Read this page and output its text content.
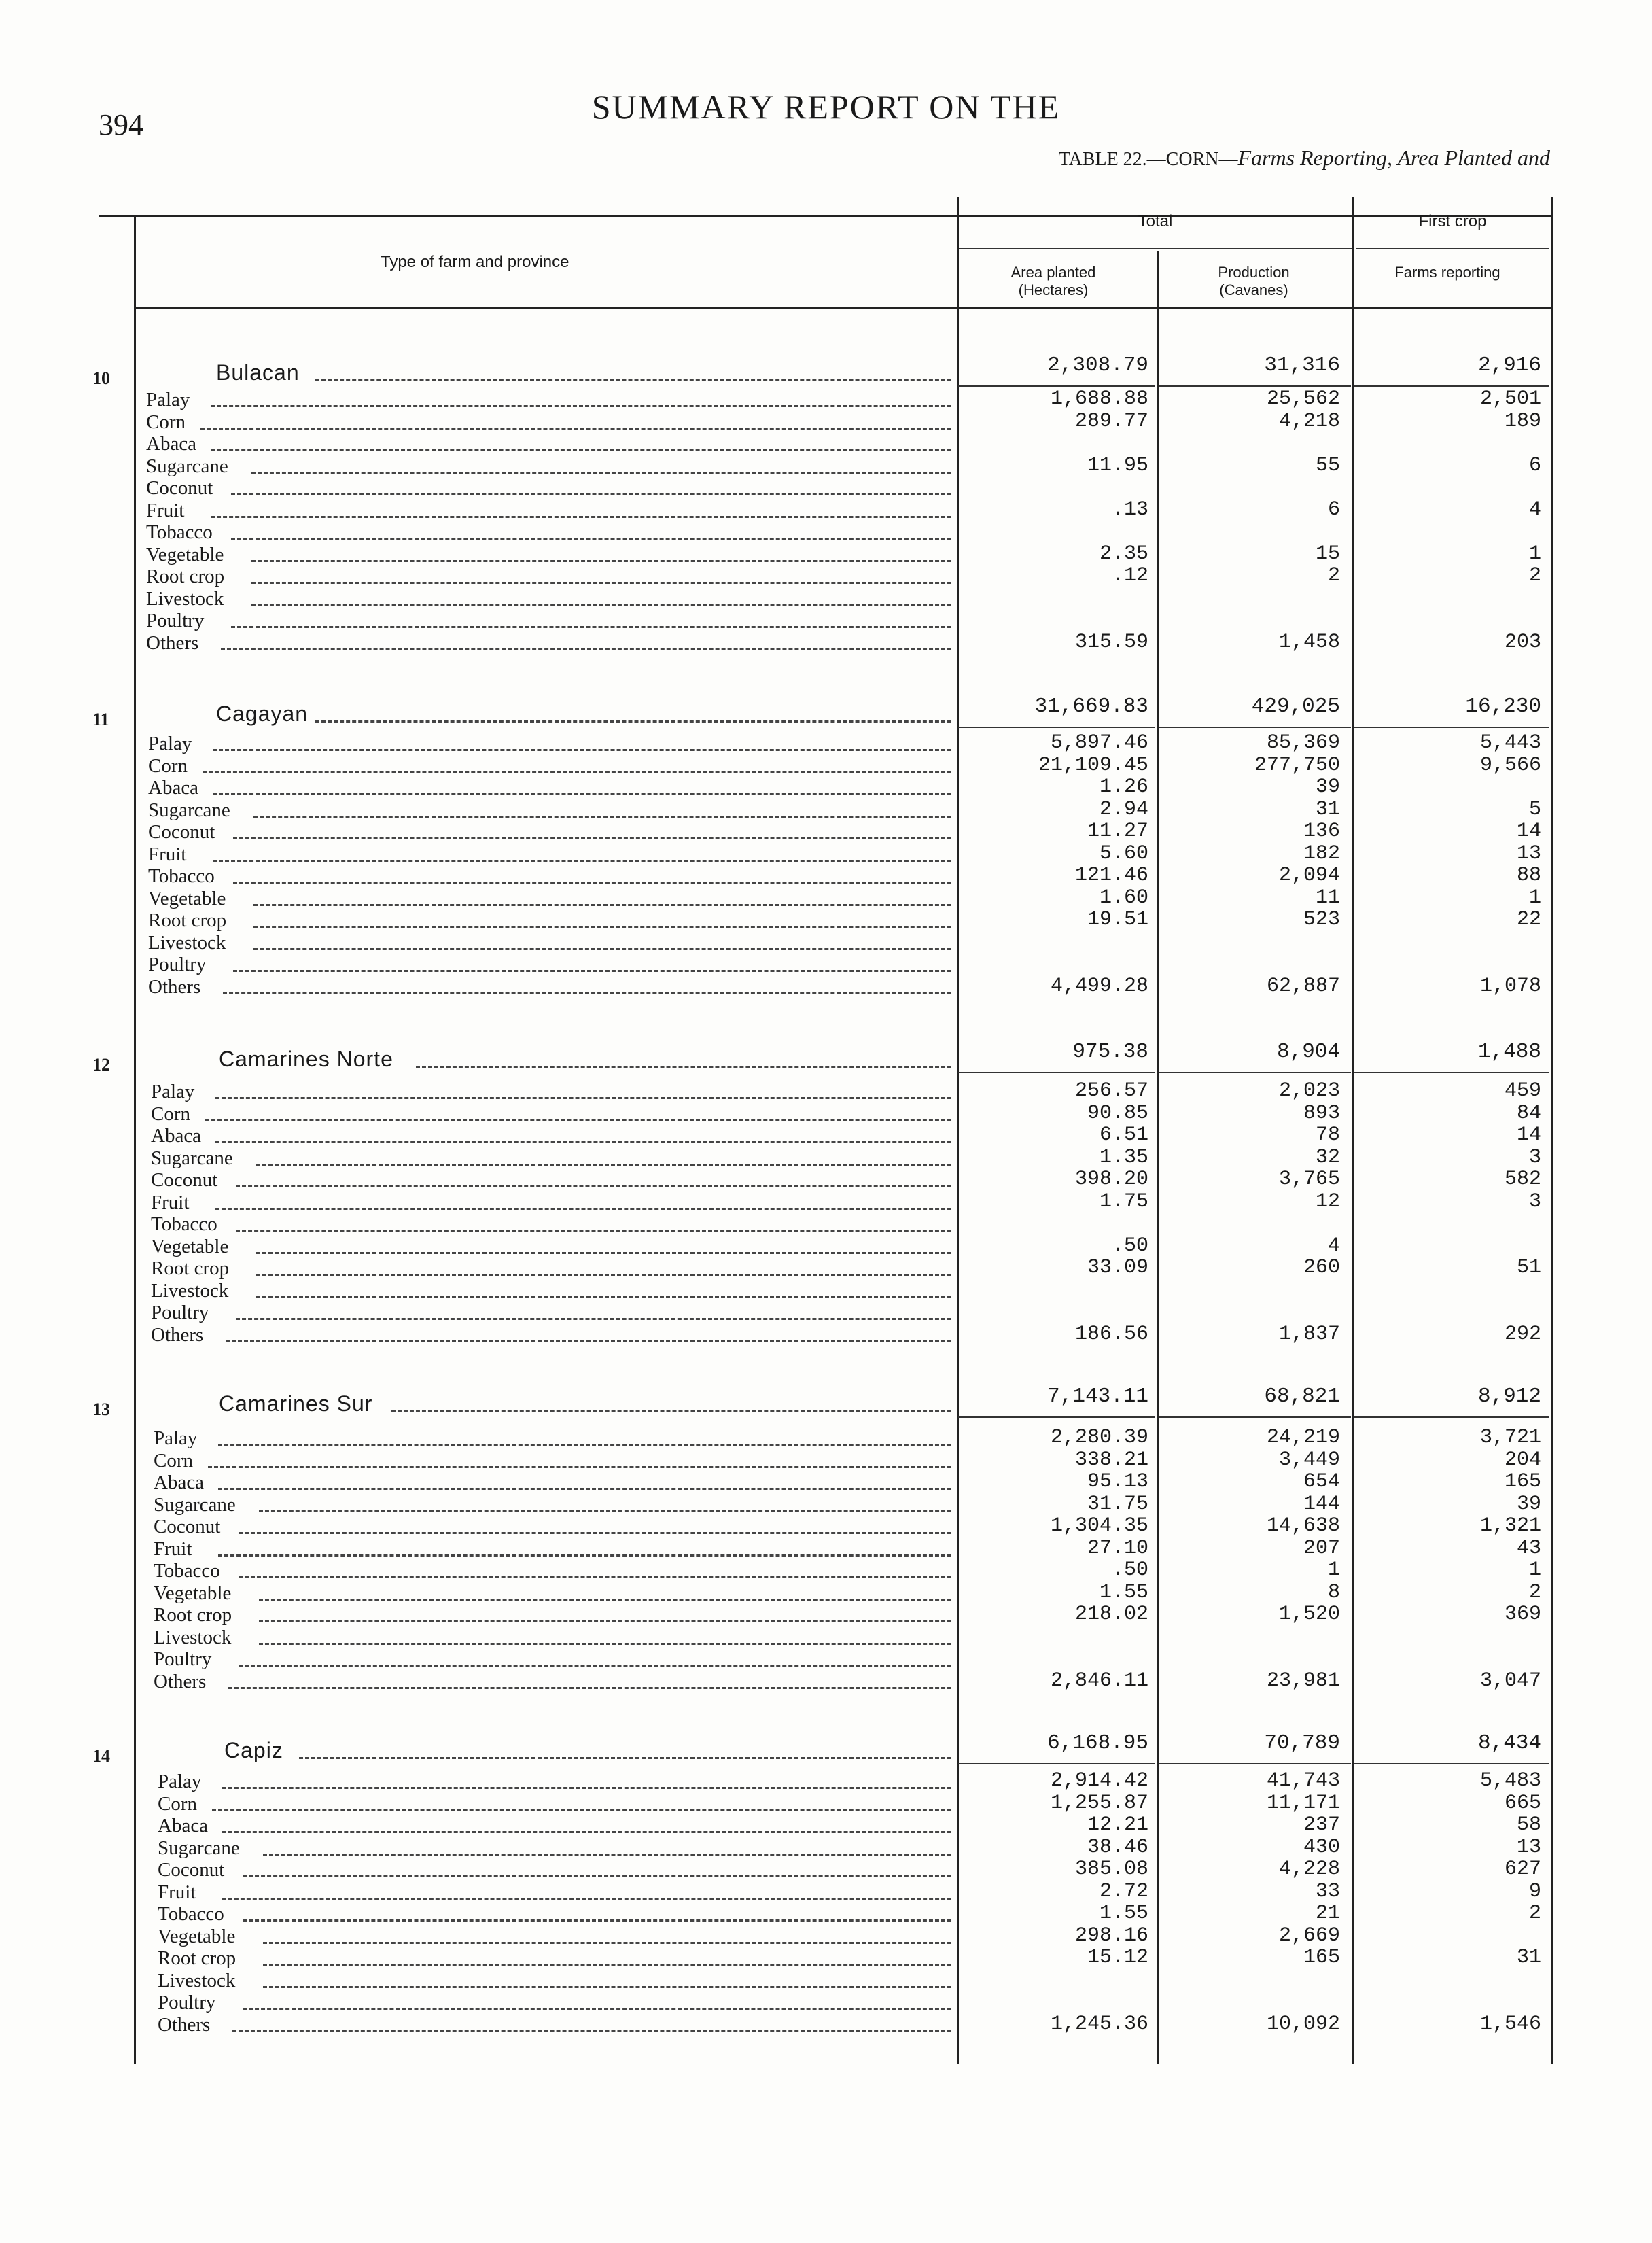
394	SUMMARY REPORT ON THE
TABLE 22.—CORN—Farms Reporting, Area Planted and
Type of farm and province
Total	First crop
Area planted (Hectares)
Production (Cavanes)
Farms reporting
10	Bulacan	2,308.79	31,316	2,916
Palay	1,688.88	25,562	2,501
Corn	289.77	4,218	189
Abaca
Sugarcane	11.95	55	6
Coconut
Fruit	.13	6	4
Tobacco
Vegetable	2.35	15	1
Root crop	.12	2	2
Livestock
Poultry
Others	315.59	1,458	203
11	Cagayan	31,669.83	429,025	16,230
Palay	5,897.46	85,369	5,443
Corn	21,109.45	277,750	9,566
Abaca	1.26	39
Sugarcane	2.94	31	5
Coconut	11.27	136	14
Fruit	5.60	182	13
Tobacco	121.46	2,094	88
Vegetable	1.60	11	1
Root crop	19.51	523	22
Livestock
Poultry
Others	4,499.28	62,887	1,078
12	Camarines Norte	975.38	8,904	1,488
Palay	256.57	2,023	459
Corn	90.85	893	84
Abaca	6.51	78	14
Sugarcane	1.35	32	3
Coconut	398.20	3,765	582
Fruit	1.75	12	3
Tobacco
Vegetable	.50	4
Root crop	33.09	260	51
Livestock
Poultry
Others	186.56	1,837	292
13	Camarines Sur	7,143.11	68,821	8,912
Palay	2,280.39	24,219	3,721
Corn	338.21	3,449	204
Abaca	95.13	654	165
Sugarcane	31.75	144	39
Coconut	1,304.35	14,638	1,321
Fruit	27.10	207	43
Tobacco	.50	1	1
Vegetable	1.55	8	2
Root crop	218.02	1,520	369
Livestock
Poultry
Others	2,846.11	23,981	3,047
14	Capiz	6,168.95	70,789	8,434
Palay	2,914.42	41,743	5,483
Corn	1,255.87	11,171	665
Abaca	12.21	237	58
Sugarcane	38.46	430	13
Coconut	385.08	4,228	627
Fruit	2.72	33	9
Tobacco	1.55	21	2
Vegetable	298.16	2,669
Root crop	15.12	165	31
Livestock
Poultry
Others	1,245.36	10,092	1,546
